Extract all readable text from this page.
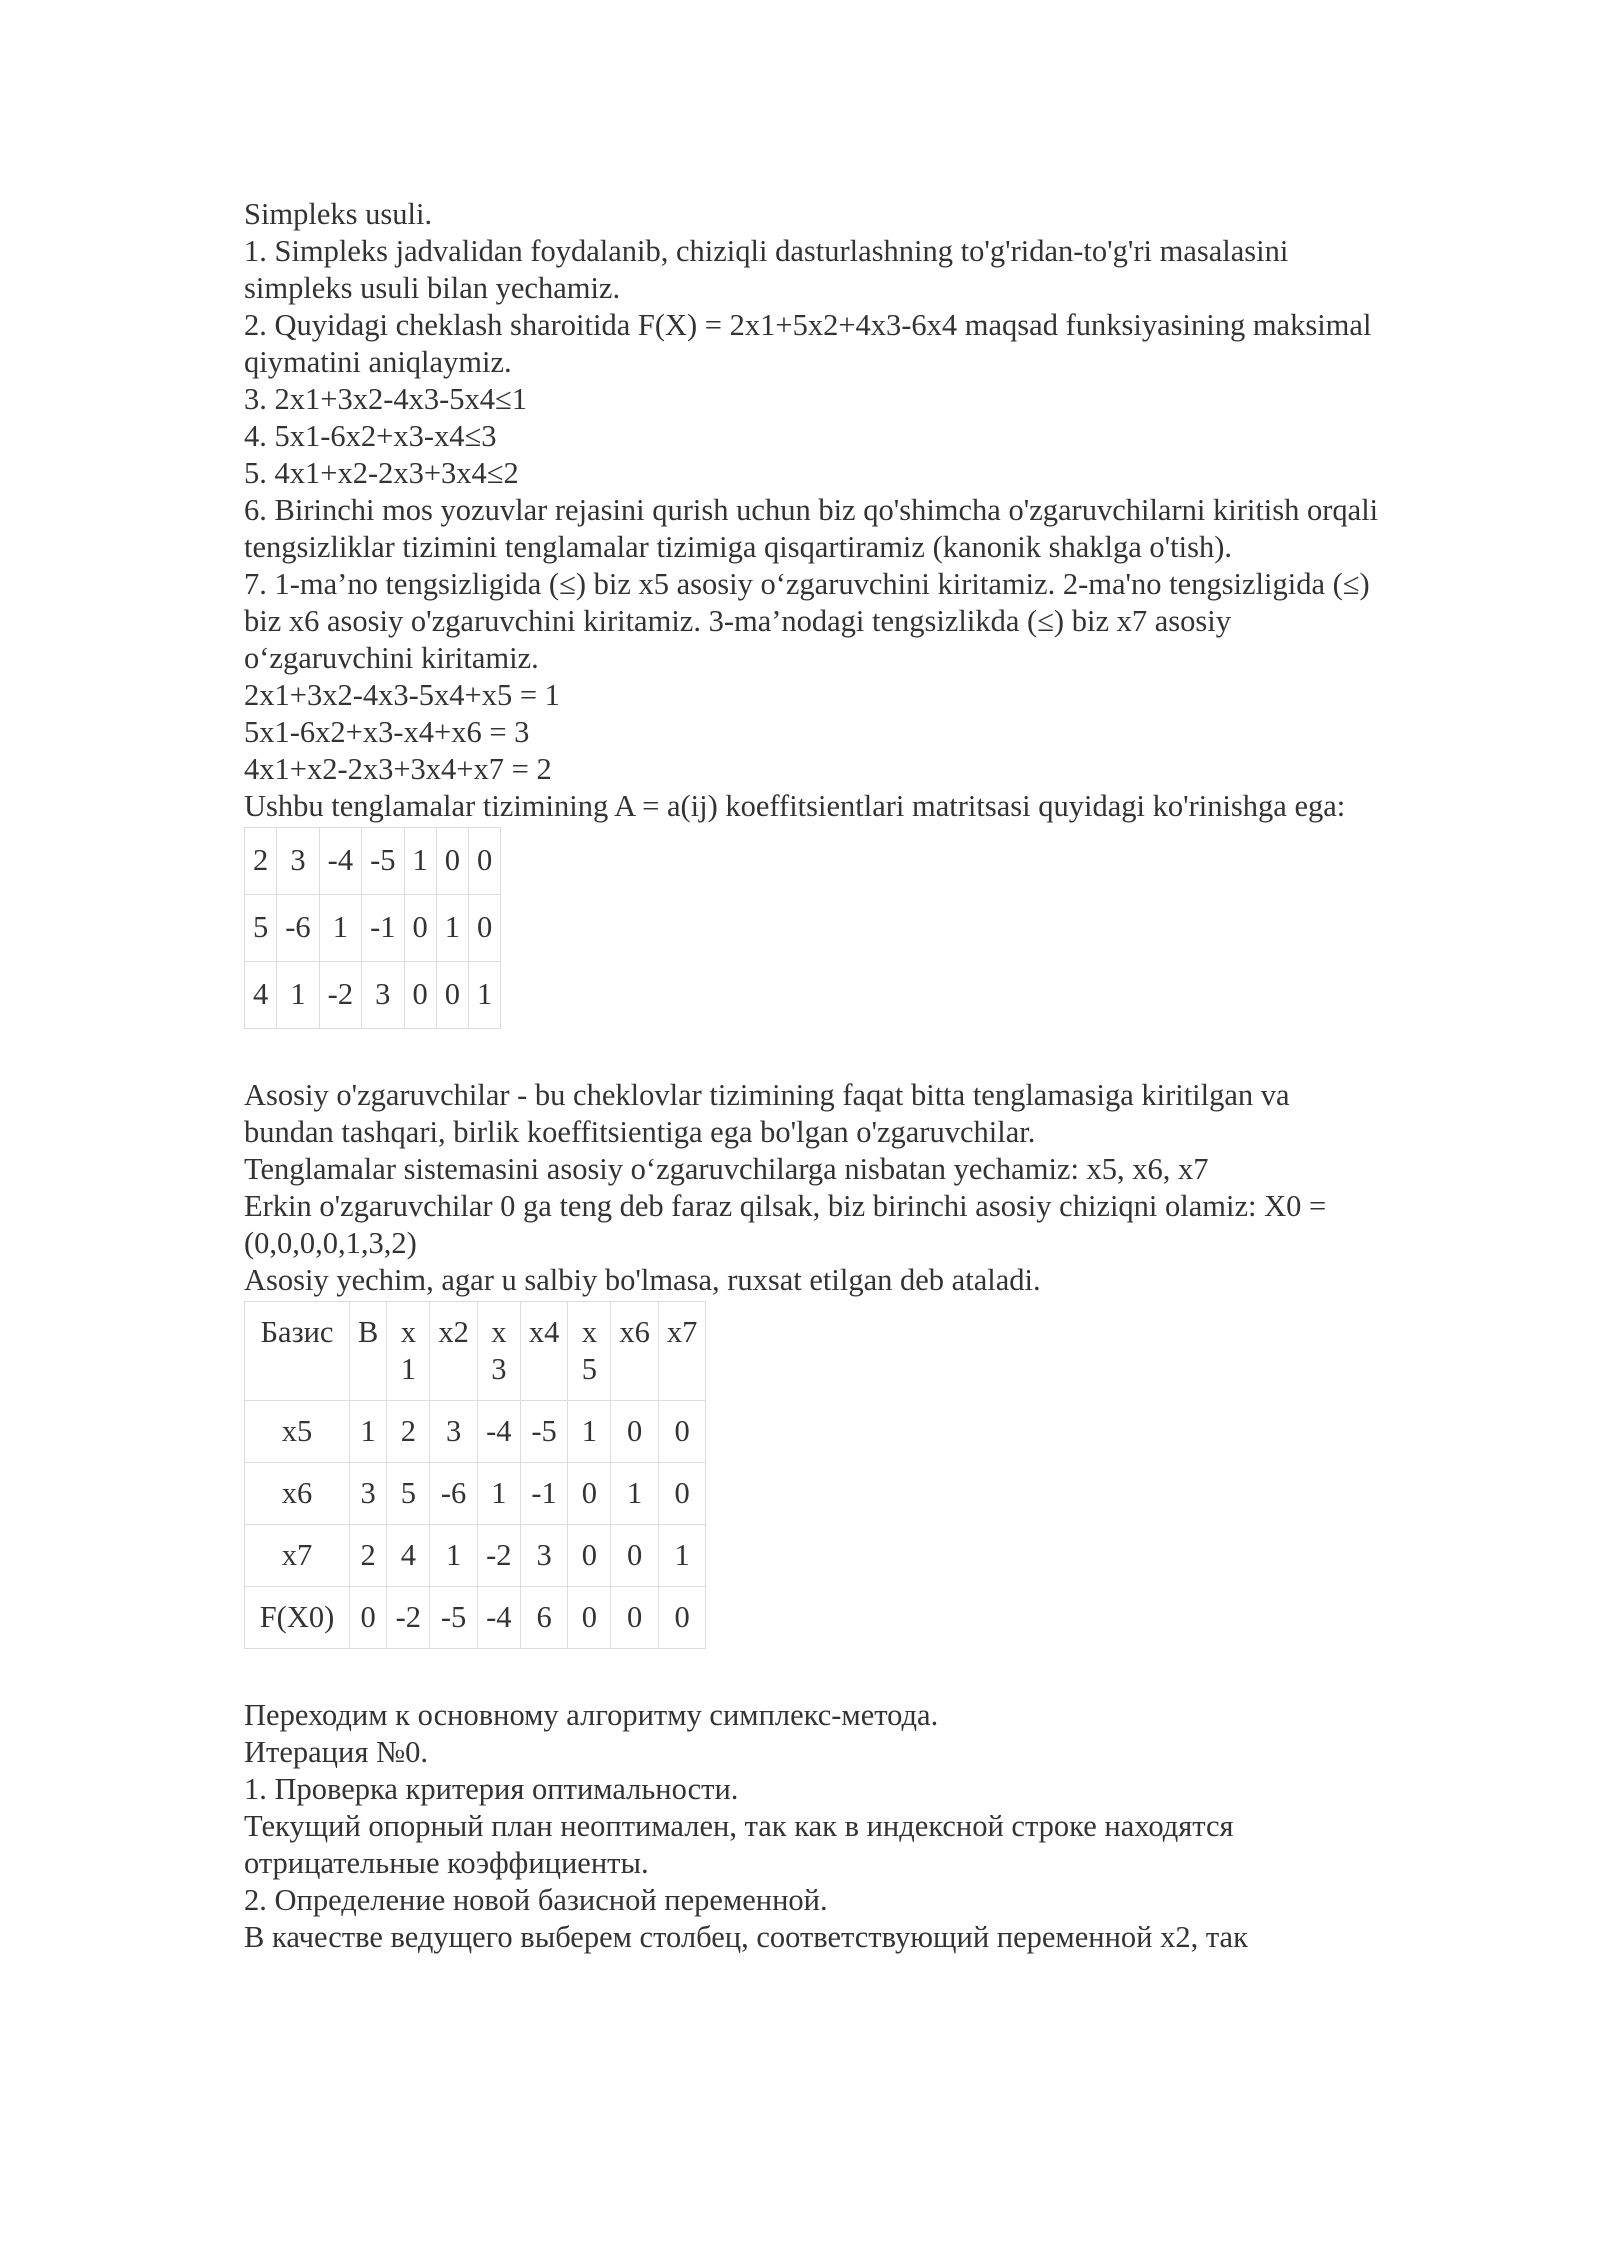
Simpleks usuli.

1. Simpleks jadvalidan foydalanib, chiziqli dasturlashning to'g'ridan-to'g'ri masalasini simpleks usuli bilan yechamiz.

2. Quyidagi cheklash sharoitida F(X) = 2x1+5x2+4x3-6x4 maqsad funksiyasining maksimal qiymatini aniqlaymiz.

3. 2x1+3x2-4x3-5x4≤1

4. 5x1-6x2+x3-x4≤3

5. 4x1+x2-2x3+3x4≤2

6. Birinchi mos yozuvlar rejasini qurish uchun biz qo'shimcha o'zgaruvchilarni kiritish orqali tengsizliklar tizimini tenglamalar tizimiga qisqartiramiz (kanonik shaklga o'tish).

7. 1-ma’no tengsizligida (≤) biz x5 asosiy o‘zgaruvchini kiritamiz. 2-ma'no tengsizligida (≤) biz x6 asosiy o'zgaruvchini kiritamiz. 3-ma’nodagi tengsizlikda (≤) biz x7 asosiy o‘zgaruvchini kiritamiz.

2x1+3x2-4x3-5x4+x5 = 1

5x1-6x2+x3-x4+x6 = 3

4x1+x2-2x3+3x4+x7 = 2

Ushbu tenglamalar tizimining A = a(ij) koeffitsientlari matritsasi quyidagi ko'rinishga ega:

2	3	-4	-5	1	0	0
5	-6	1	-1	0	1	0
4	1	-2	3	0	0	1

Asosiy o'zgaruvchilar - bu cheklovlar tizimining faqat bitta tenglamasiga kiritilgan va bundan tashqari, birlik koeffitsientiga ega bo'lgan o'zgaruvchilar.

Tenglamalar sistemasini asosiy o‘zgaruvchilarga nisbatan yechamiz: x5, x6, x7

Erkin o'zgaruvchilar 0 ga teng deb faraz qilsak, biz birinchi asosiy chiziqni olamiz: X0 = (0,0,0,0,1,3,2)

Asosiy yechim, agar u salbiy bo'lmasa, ruxsat etilgan deb ataladi.

Базис	B	x1	x2	x3	x4	x5	x6	x7
x5	1	2	3	-4	-5	1	0	0
x6	3	5	-6	1	-1	0	1	0
x7	2	4	1	-2	3	0	0	1
F(X0)	0	-2	-5	-4	6	0	0	0

Переходим к основному алгоритму симплекс-метода.

Итерация №0.

1. Проверка критерия оптимальности.

Текущий опорный план неоптимален, так как в индексной строке находятся отрицательные коэффициенты.

2. Определение новой базисной переменной.

В качестве ведущего выберем столбец, соответствующий переменной x2, так
